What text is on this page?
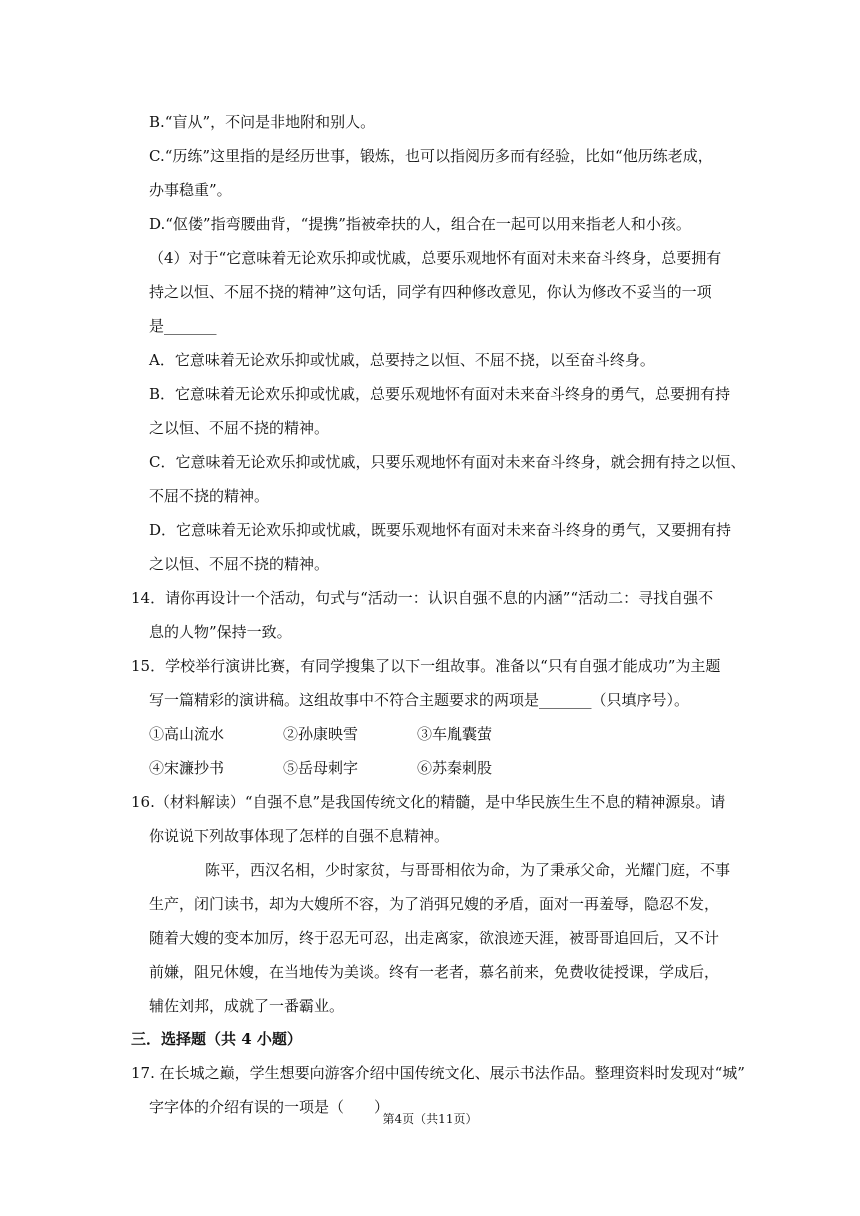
B.“盲从”，不问是非地附和别人。
C.“历练”这里指的是经历世事，锻炼，也可以指阅历多而有经验，比如“他历练老成，
办事稳重”。
D.“伛偻”指弯腰曲背，“提携”指被牵扶的人，组合在一起可以用来指老人和小孩。
（4）对于“它意味着无论欢乐抑或忧戚，总要乐观地怀有面对未来奋斗终身，总要拥有
持之以恒、不屈不挠的精神”这句话，同学有四种修改意见，你认为修改不妥当的一项
是_______
A．它意味着无论欢乐抑或忧戚，总要持之以恒、不屈不挠，以至奋斗终身。
B．它意味着无论欢乐抑或忧戚，总要乐观地怀有面对未来奋斗终身的勇气，总要拥有持
之以恒、不屈不挠的精神。
C．它意味着无论欢乐抑或忧戚，只要乐观地怀有面对未来奋斗终身，就会拥有持之以恒、
不屈不挠的精神。
D．它意味着无论欢乐抑或忧戚，既要乐观地怀有面对未来奋斗终身的勇气，又要拥有持
之以恒、不屈不挠的精神。
14．请你再设计一个活动，句式与“活动一：认识自强不息的内涵”“活动二：寻找自强不
息的人物”保持一致。
15．学校举行演讲比赛，有同学搜集了以下一组故事。准备以“只有自强才能成功”为主题
写一篇精彩的演讲稿。这组故事中不符合主题要求的两项是_______（只填序号）。
①高山流水	②孙康映雪	③车胤囊萤
④宋濂抄书	⑤岳母刺字	⑥苏秦刺股
16.（材料解读）“自强不息”是我国传统文化的精髓，是中华民族生生不息的精神源泉。请
你说说下列故事体现了怎样的自强不息精神。
陈平，西汉名相，少时家贫，与哥哥相依为命，为了秉承父命，光耀门庭，不事
生产，闭门读书，却为大嫂所不容，为了消弭兄嫂的矛盾，面对一再羞辱，隐忍不发，
随着大嫂的变本加厉，终于忍无可忍，出走离家，欲浪迹天涯，被哥哥追回后，又不计
前嫌，阻兄休嫂，在当地传为美谈。终有一老者，慕名前来，免费收徒授课，学成后，
辅佐刘邦，成就了一番霸业。
三．选择题（共 4 小题）
17. 在长城之巅，学生想要向游客介绍中国传统文化、展示书法作品。整理资料时发现对“城”
字字体的介绍有误的一项是（　　）
第4页（共11页）
